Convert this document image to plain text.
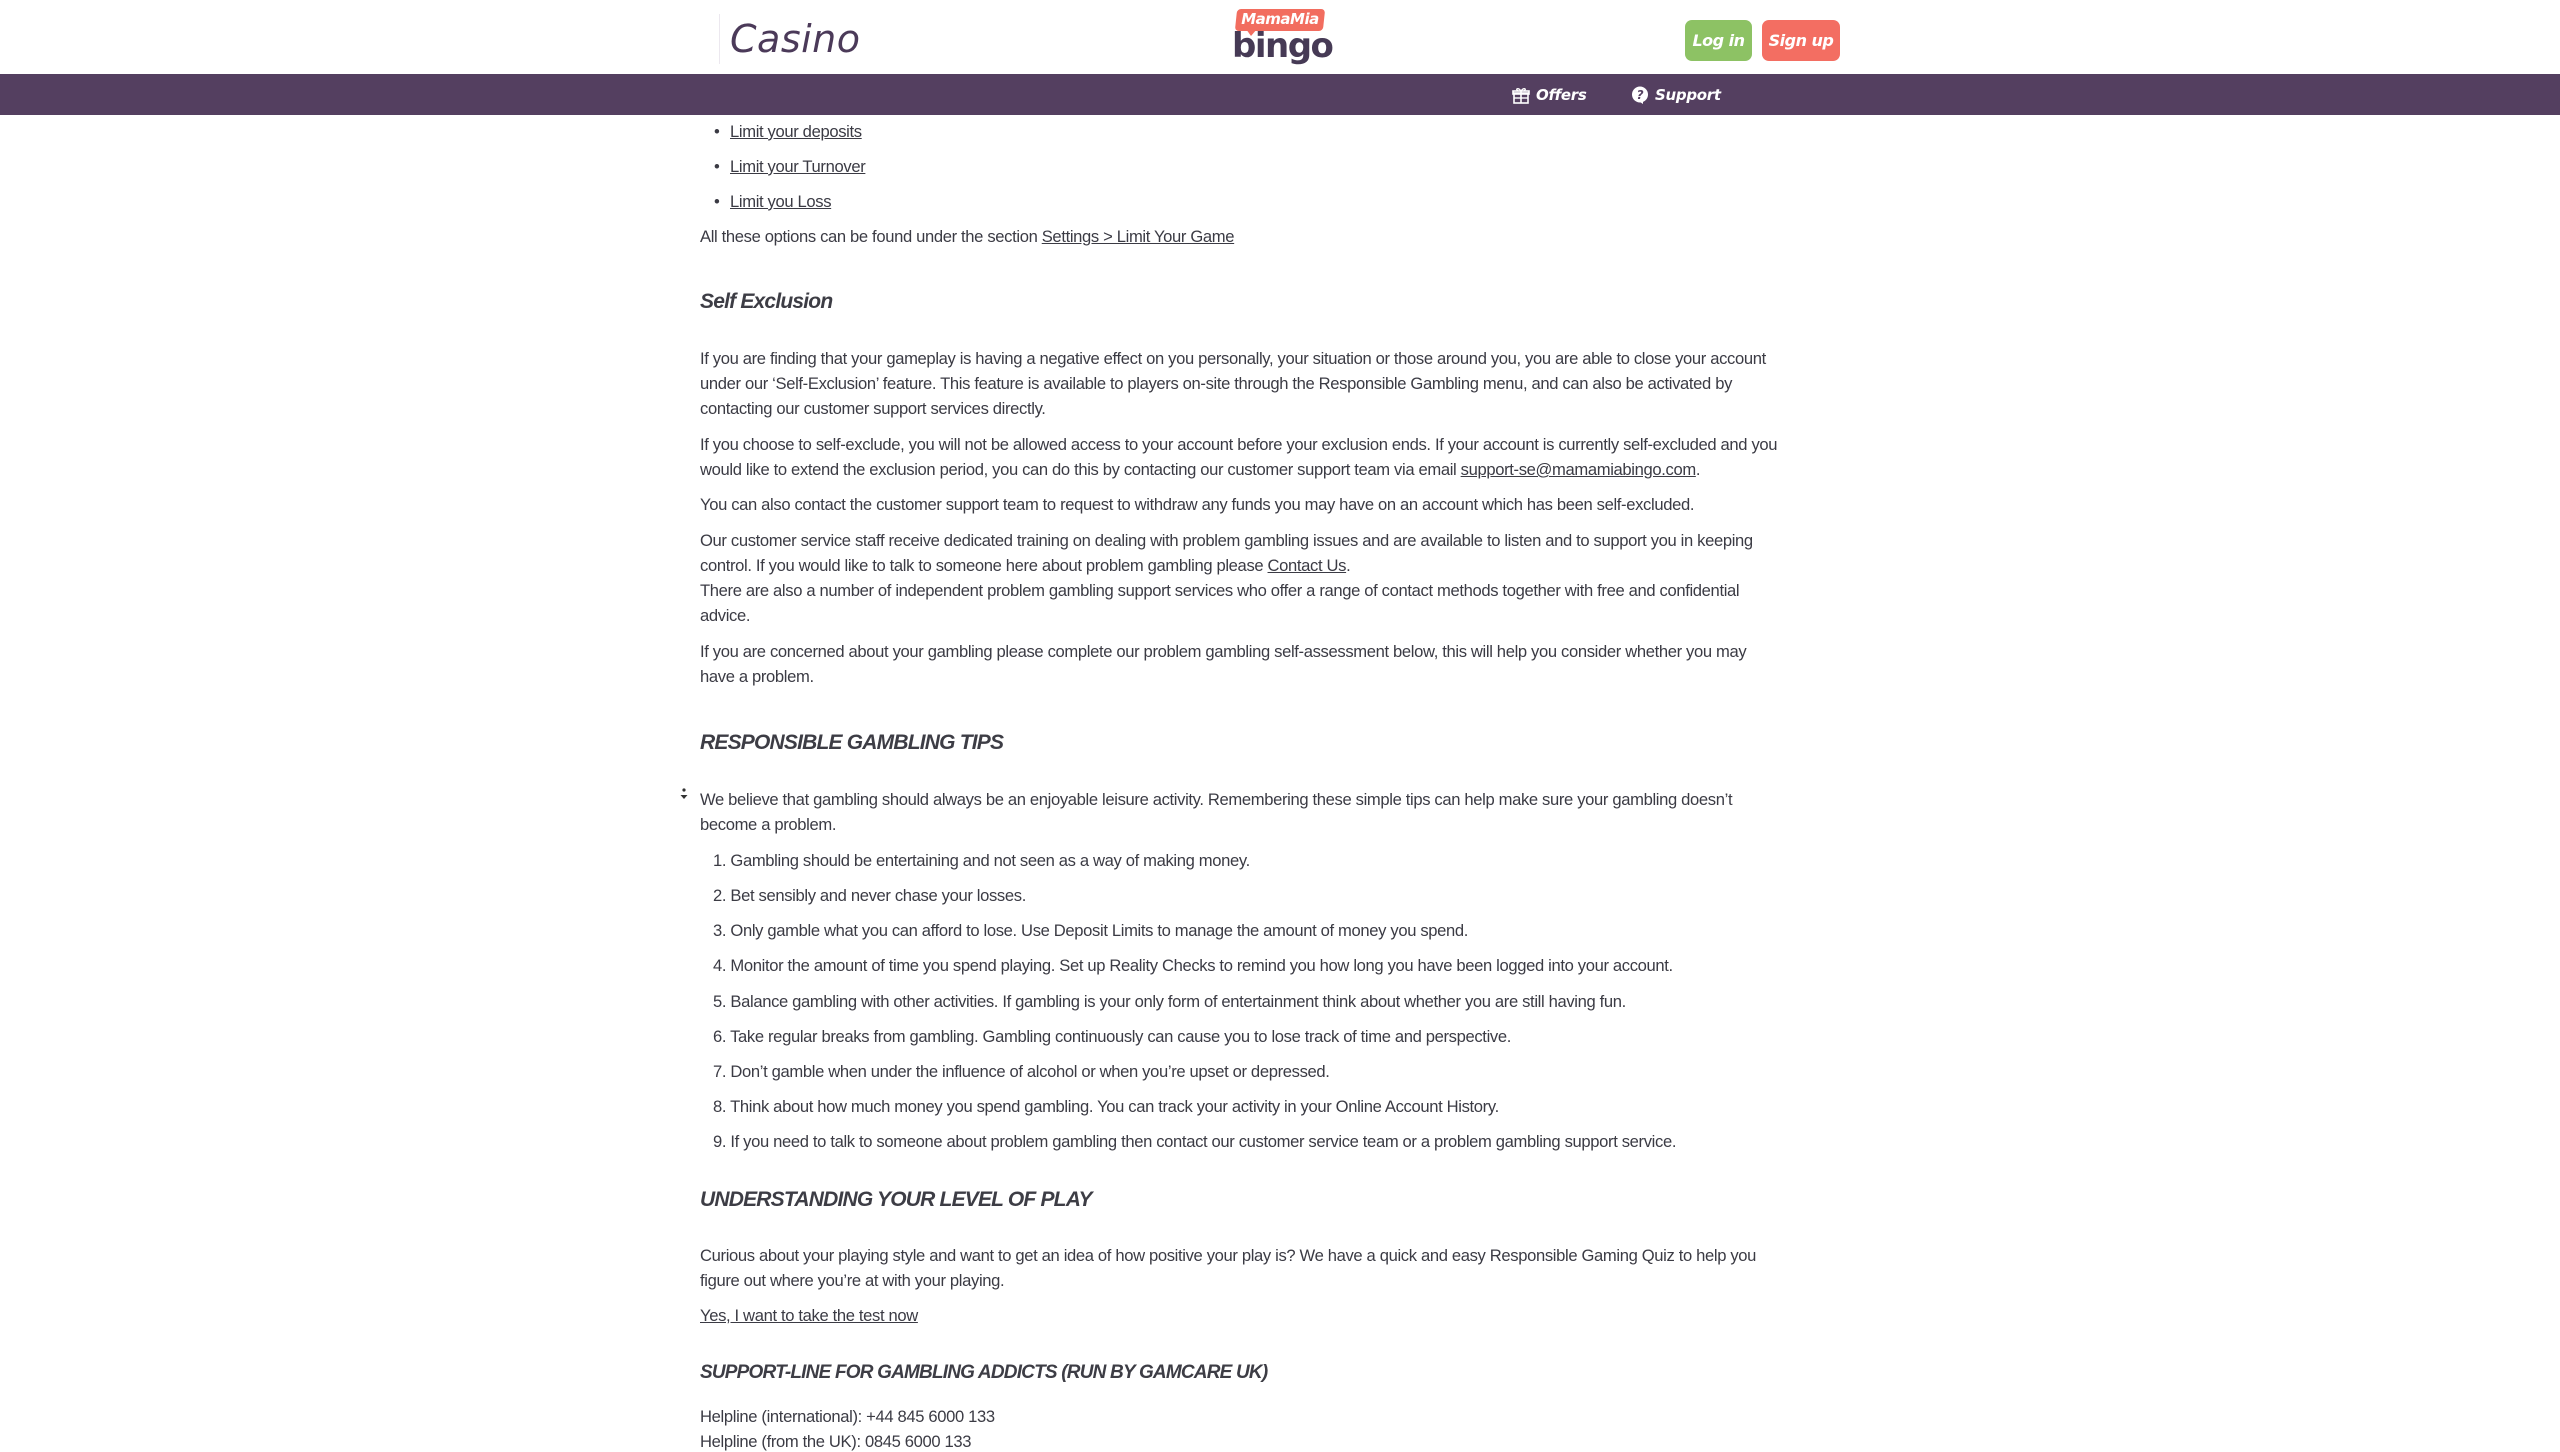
Casino	MamaMia
bingo	Log in	Sign up
Offers	? Support
• Limit your deposits
• Limit your Turnover
• Limit you Loss
All these options can be found under the section Settings > Limit Your Game
Self Exclusion
If you are finding that your gameplay is having a negative effect on you personally, your situation or those around you, you are able to close your account
under our ‘Self-Exclusion’ feature. This feature is available to players on-site through the Responsible Gambling menu, and can also be activated by
contacting our customer support services directly.
If you choose to self-exclude, you will not be allowed access to your account before your exclusion ends. If your account is currently self-excluded and you
would like to extend the exclusion period, you can do this by contacting our customer support team via email support-se@mamamiabingo.com.
You can also contact the customer support team to request to withdraw any funds you may have on an account which has been self-excluded.
Our customer service staff receive dedicated training on dealing with problem gambling issues and are available to listen and to support you in keeping
control. If you would like to talk to someone here about problem gambling please Contact Us.
There are also a number of independent problem gambling support services who offer a range of contact methods together with free and confidential
advice.
If you are concerned about your gambling please complete our problem gambling self-assessment below, this will help you consider whether you may
have a problem.
RESPONSIBLE GAMBLING TIPS
We believe that gambling should always be an enjoyable leisure activity. Remembering these simple tips can help make sure your gambling doesn’t
become a problem.
1. Gambling should be entertaining and not seen as a way of making money.
2. Bet sensibly and never chase your losses.
3. Only gamble what you can afford to lose. Use Deposit Limits to manage the amount of money you spend.
4. Monitor the amount of time you spend playing. Set up Reality Checks to remind you how long you have been logged into your account.
5. Balance gambling with other activities. If gambling is your only form of entertainment think about whether you are still having fun.
6. Take regular breaks from gambling. Gambling continuously can cause you to lose track of time and perspective.
7. Don’t gamble when under the influence of alcohol or when you’re upset or depressed.
8. Think about how much money you spend gambling. You can track your activity in your Online Account History.
9. If you need to talk to someone about problem gambling then contact our customer service team or a problem gambling support service.
UNDERSTANDING YOUR LEVEL OF PLAY
Curious about your playing style and want to get an idea of how positive your play is? We have a quick and easy Responsible Gaming Quiz to help you
figure out where you’re at with your playing.
Yes, I want to take the test now
SUPPORT-LINE FOR GAMBLING ADDICTS (RUN BY GAMCARE UK)
Helpline (international): +44 845 6000 133
Helpline (from the UK): 0845 6000 133
